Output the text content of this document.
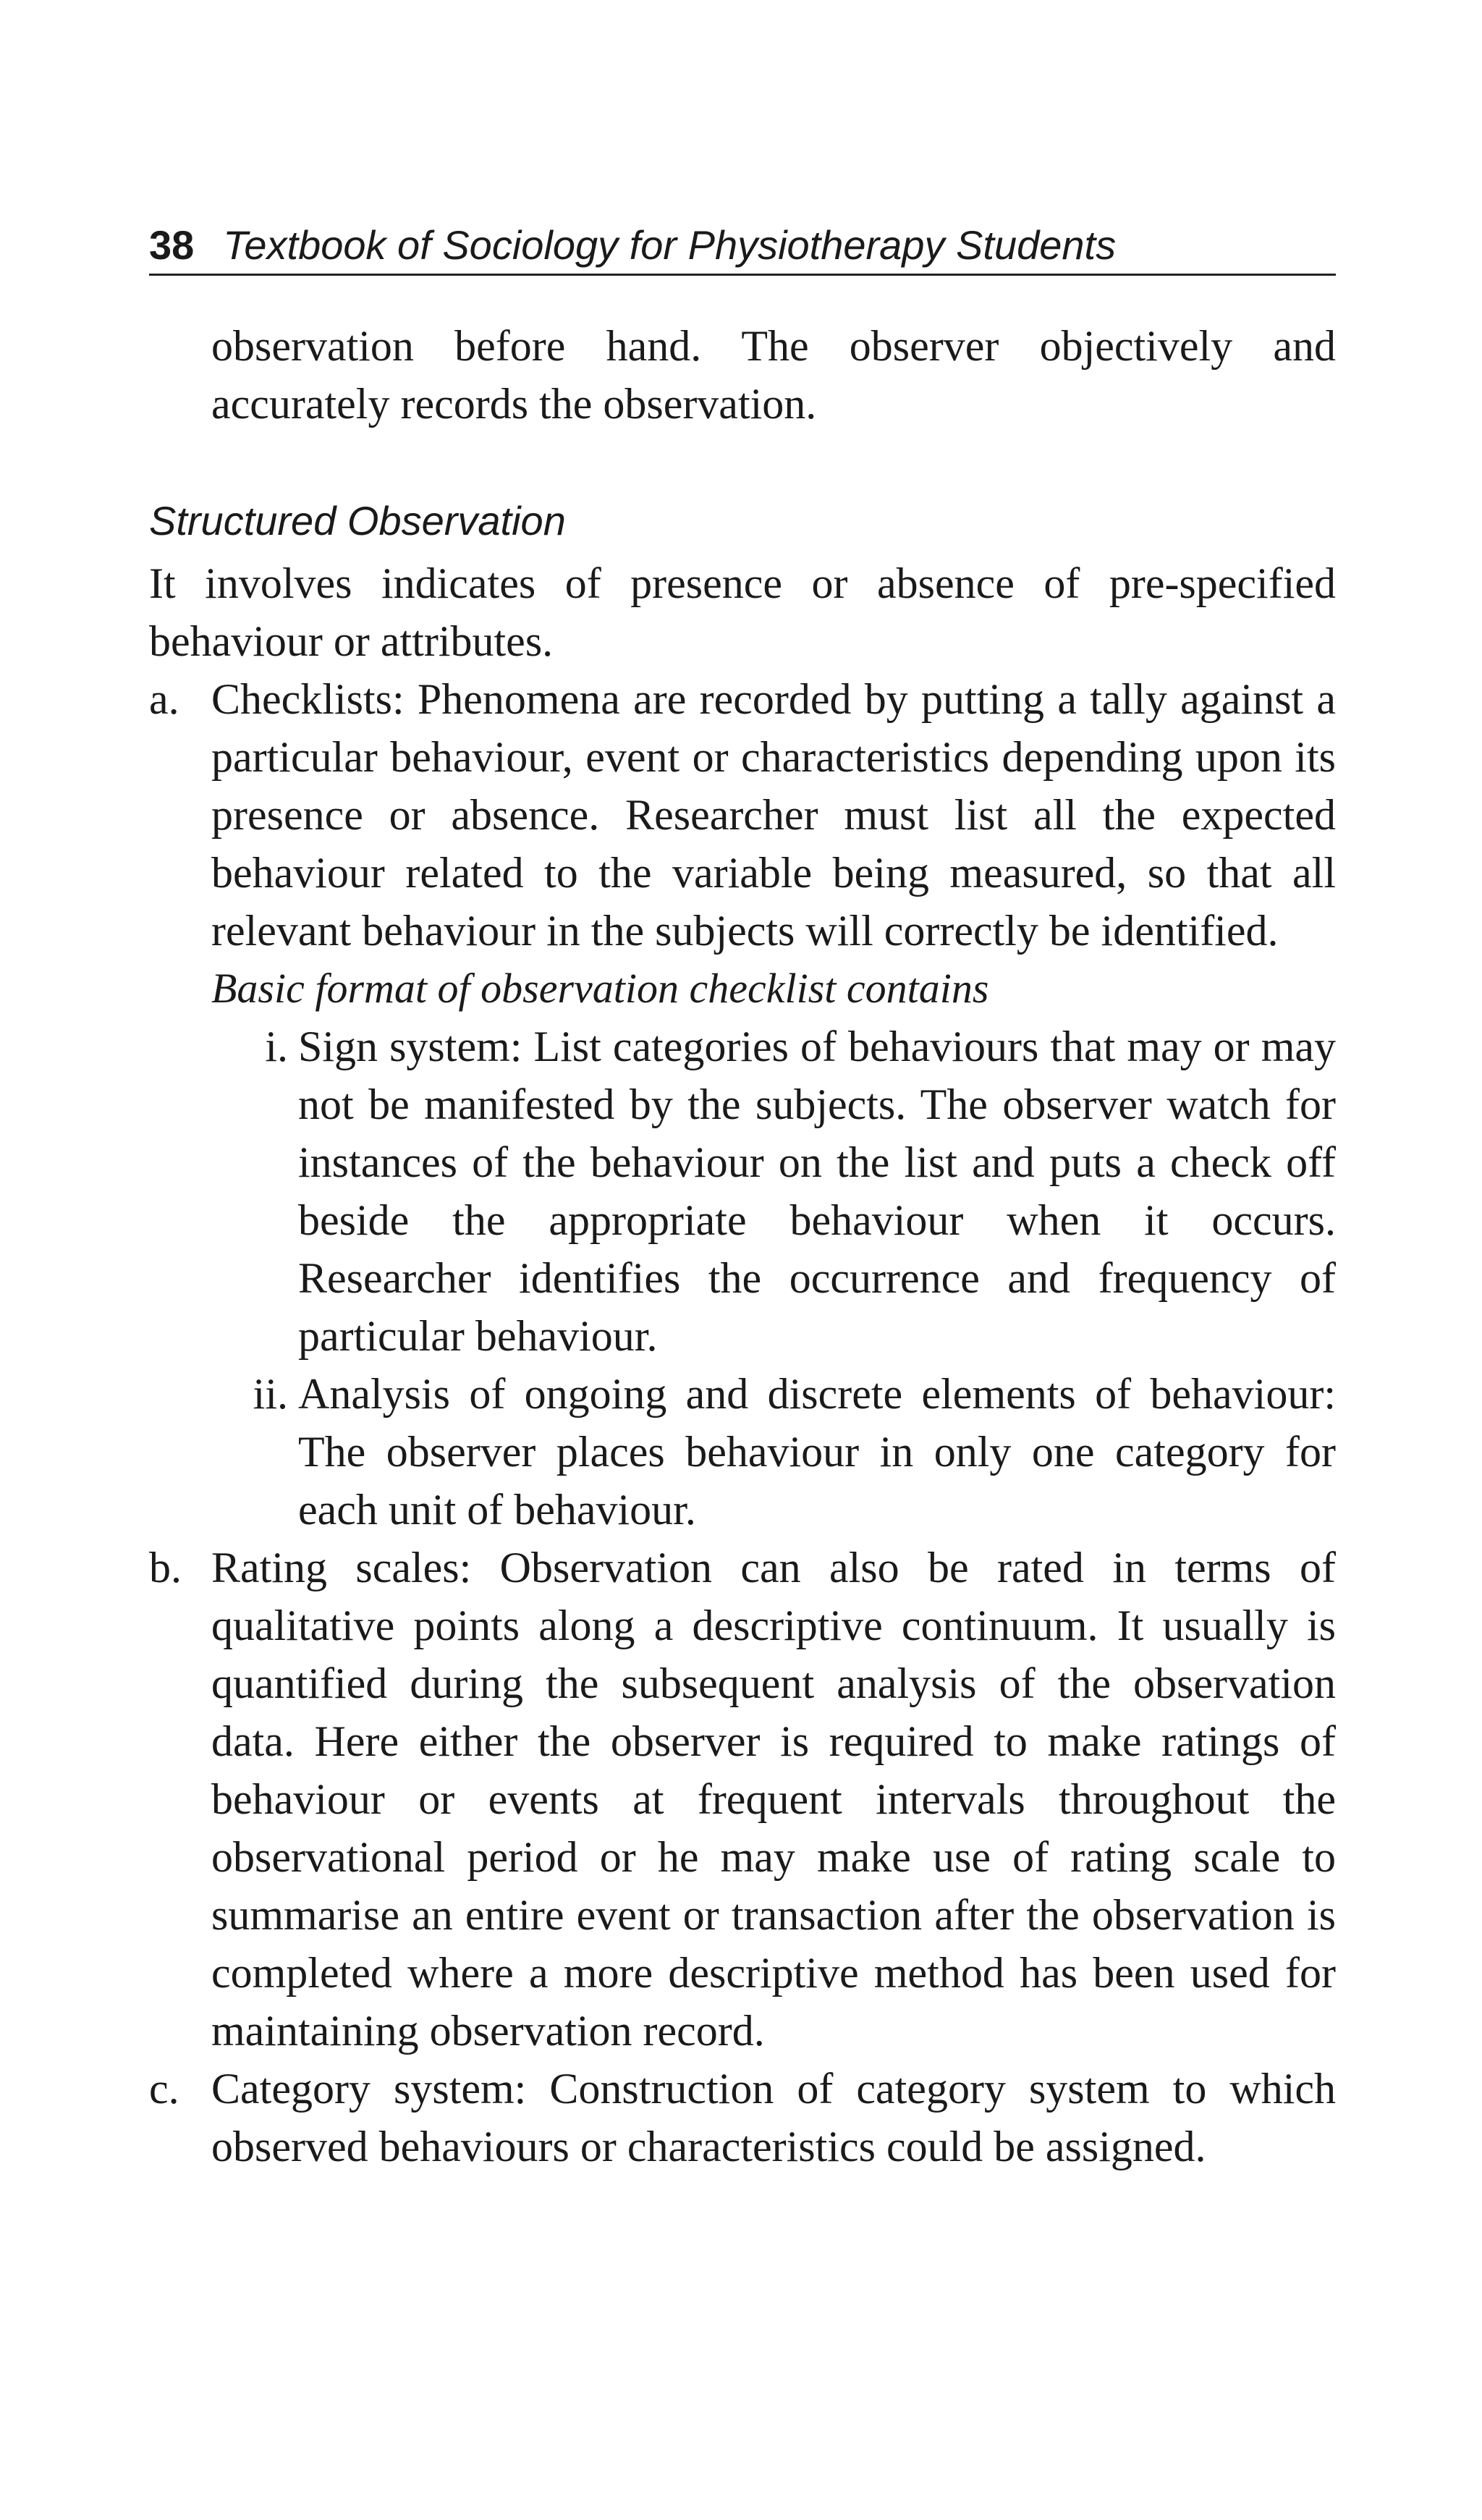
38 Textbook of Sociology for Physiotherapy Students

observation before hand. The observer objectively and accurately records the observation.

Structured Observation

It involves indicates of presence or absence of pre-specified behaviour or attributes.

a. Checklists: Phenomena are recorded by putting a tally against a particular behaviour, event or characteristics depending upon its presence or absence. Researcher must list all the expected behaviour related to the variable being measured, so that all relevant behaviour in the subjects will correctly be identified.
Basic format of observation checklist contains
i. Sign system: List categories of behaviours that may or may not be manifested by the subjects. The observer watch for instances of the behaviour on the list and puts a check off beside the appropriate behaviour when it occurs. Researcher identifies the occurrence and frequency of particular behaviour.
ii. Analysis of ongoing and discrete elements of behaviour: The observer places behaviour in only one category for each unit of behaviour.
b. Rating scales: Observation can also be rated in terms of qualitative points along a descriptive continuum. It usually is quantified during the subsequent analysis of the observation data. Here either the observer is required to make ratings of behaviour or events at frequent intervals throughout the observational period or he may make use of rating scale to summarise an entire event or transaction after the observation is completed where a more descriptive method has been used for maintaining observation record.
c. Category system: Construction of category system to which observed behaviours or characteristics could be assigned.
